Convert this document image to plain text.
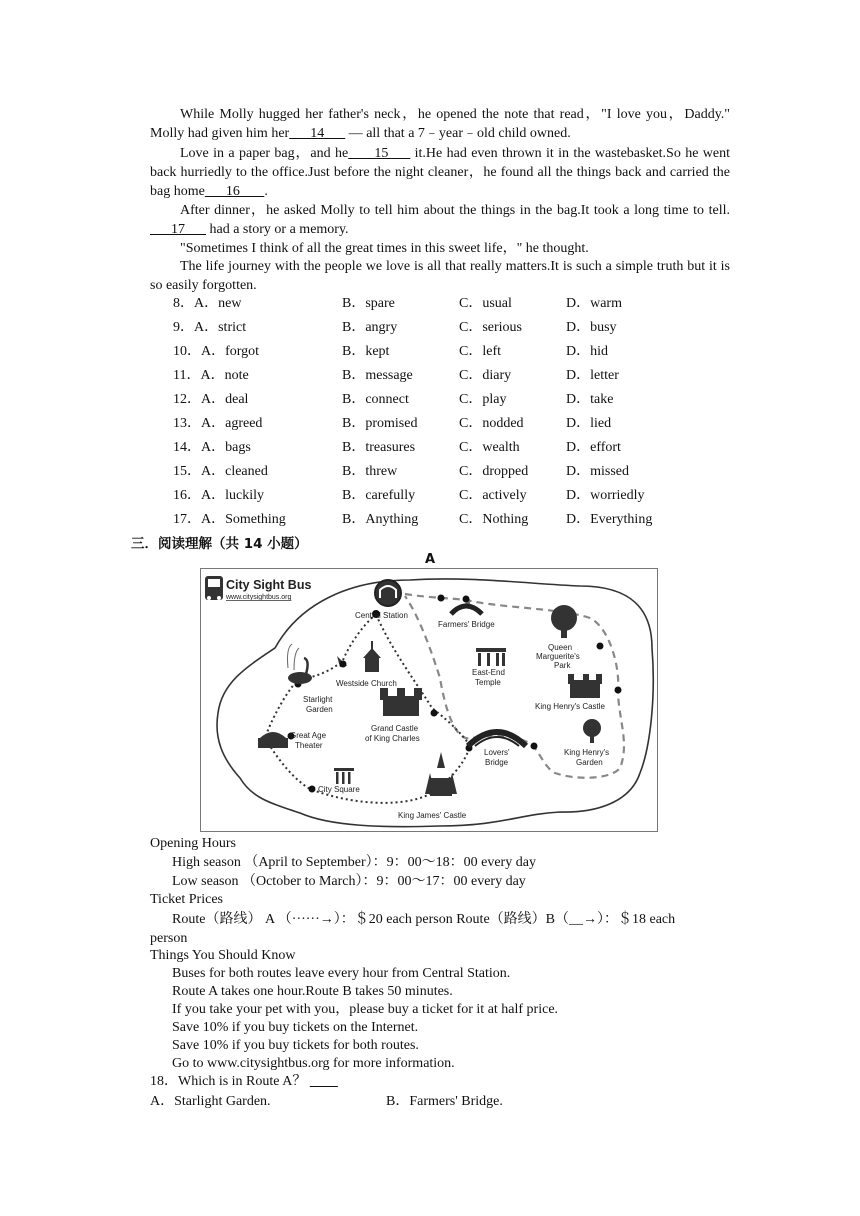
While Molly hugged her father's neck，he opened the note that read，"I love you，Daddy." Molly had given him her      14       — all that a 7﹣year﹣old child owned.

Love in a paper bag，and he      15      it.He had even thrown it in the wastebasket.So he went back hurriedly to the office.Just before the night cleaner，he found all the things back and carried the bag home      16       .

After dinner，he asked Molly to tell him about the things in the bag.It took a long time to tell.      17       had a story or a memory.

"Sometimes I think of all the great times in this sweet life，" he thought.

The life journey with the people we love is all that really matters.It is such a simple truth but it is so easily forgotten.

8．A．new	B．spare	C．usual	D．warm
9．A．strict	B．angry	C．serious	D．busy
10．A．forgot	B．kept	C．left	D．hid
11．A．note	B．message	C．diary	D．letter
12．A．deal	B．connect	C．play	D．take
13．A．agreed	B．promised	C．nodded	D．lied
14．A．bags	B．treasures	C．wealth	D．effort
15．A．cleaned	B．threw	C．dropped	D．missed
16．A．luckily	B．carefully	C．actively	D．worriedly
17．A．Something	B．Anything	C．Nothing	D．Everything
三．阅读理解（共 14 小题）
A
City Sight Bus
www.citysightbus.org
Central Station
Farmers' Bridge
Queen
Marguerite's
Park
Westside Church
East-End
Temple
Starlight
Garden	King Henry's Castle
Grand Castle
of King Charles
Great Age
Theater
Lovers'
Bridge
King Henry's
Garden
City Square
King James' Castle
Opening Hours
High season （April to September）：9：00～18：00 every day
Low season （October to March）：9：00～17：00 every day
Ticket Prices
Route（路线） A （······→）：＄20 each person Route（路线）B（__→）：＄18 each
person
Things You Should Know
Buses for both routes leave every hour from Central Station.
Route A takes one hour.Route B takes 50 minutes.
If you take your pet with you，please buy a ticket for it at half price.
Save 10% if you buy tickets on the Internet.
Save 10% if you buy tickets for both routes.
Go to www.citysightbus.org for more information.
18．Which is in Route A？
A．Starlight Garden.	B．Farmers' Bridge.
